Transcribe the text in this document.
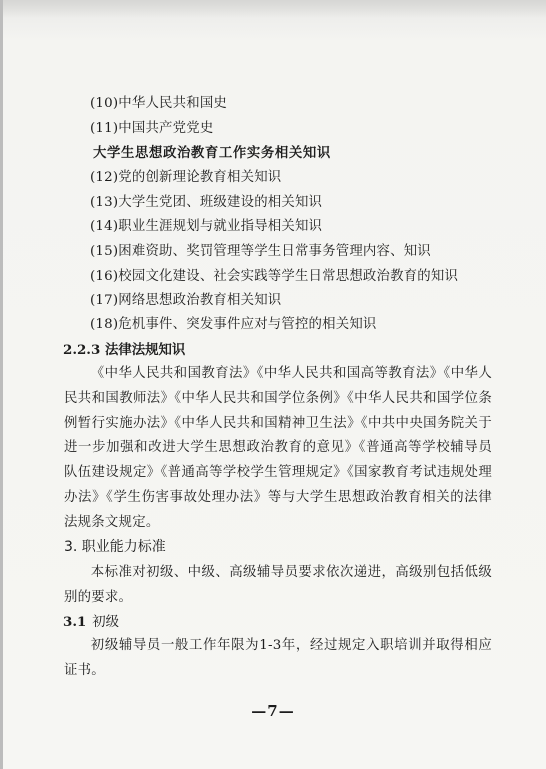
(10)中华人民共和国史
(11)中国共产党党史
大学生思想政治教育工作实务相关知识
(12)党的创新理论教育相关知识
(13)大学生党团、班级建设的相关知识
(14)职业生涯规划与就业指导相关知识
(15)困难资助、奖罚管理等学生日常事务管理内容、知识
(16)校园文化建设、社会实践等学生日常思想政治教育的知识
(17)网络思想政治教育相关知识
(18)危机事件、突发事件应对与管控的相关知识
2.2.3 法律法规知识
《中华人民共和国教育法》《中华人民共和国高等教育法》《中华人民共和国教师法》《中华人民共和国学位条例》《中华人民共和国学位条例暂行实施办法》《中华人民共和国精神卫生法》《中共中央国务院关于进一步加强和改进大学生思想政治教育的意见》《普通高等学校辅导员队伍建设规定》《普通高等学校学生管理规定》《国家教育考试违规处理办法》《学生伤害事故处理办法》等与大学生思想政治教育相关的法律法规条文规定。
3. 职业能力标准
本标准对初级、中级、高级辅导员要求依次递进，高级别包括低级别的要求。
3.1 初级
初级辅导员一般工作年限为1-3年，经过规定入职培训并取得相应证书。
—7—
